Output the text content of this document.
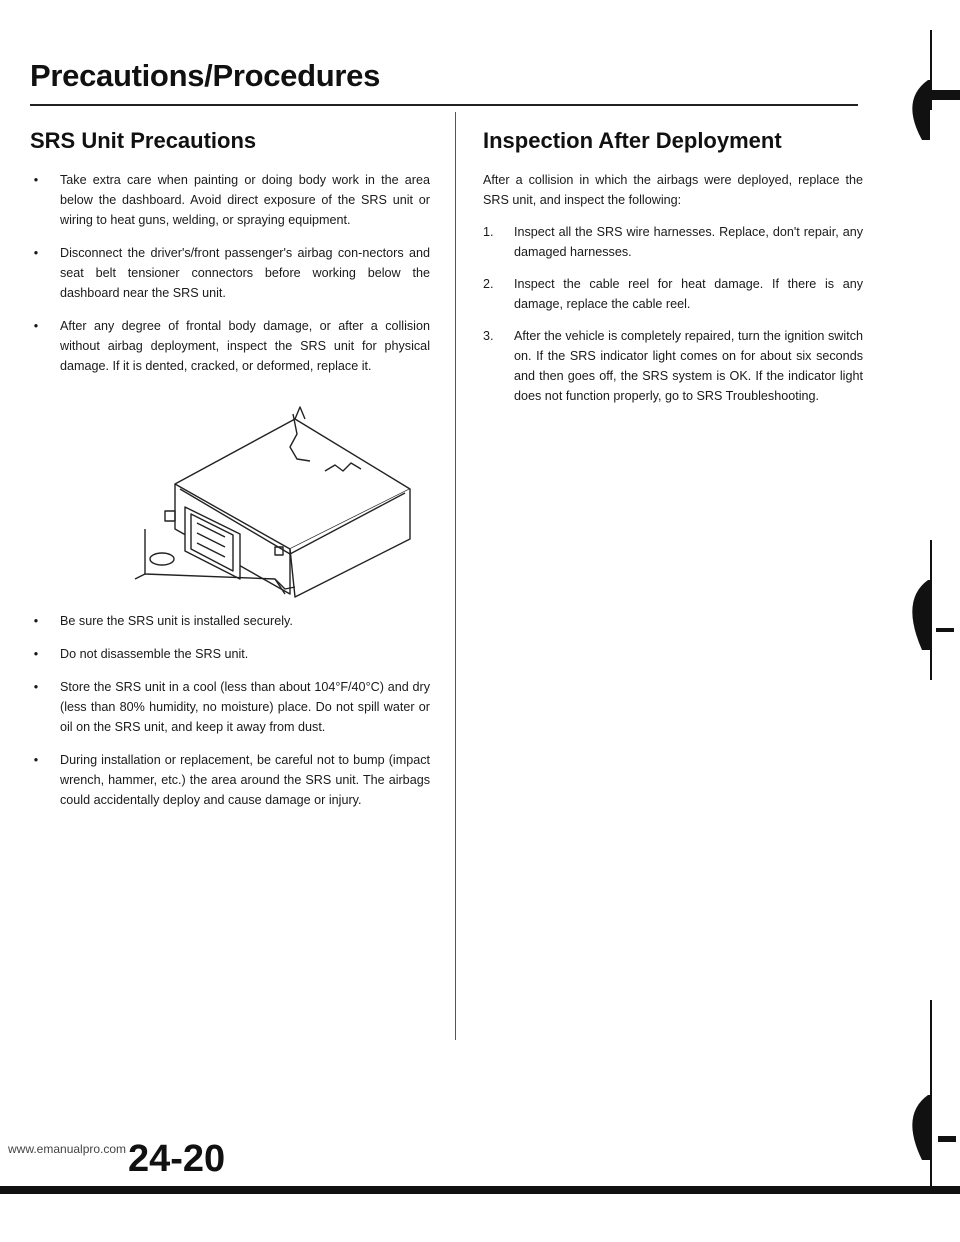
Precautions/Procedures
SRS Unit Precautions
•	Take extra care when painting or doing body work in the area below the dashboard. Avoid direct exposure of the SRS unit or wiring to heat guns, welding, or spraying equipment.
•	Disconnect the driver's/front passenger's airbag con-nectors and seat belt tensioner connectors before working below the dashboard near the SRS unit.
•	After any degree of frontal body damage, or after a collision without airbag deployment, inspect the SRS unit for physical damage. If it is dented, cracked, or deformed, replace it.
•	Be sure the SRS unit is installed securely.
•	Do not disassemble the SRS unit.
•	Store the SRS unit in a cool (less than about 104°F/40°C) and dry (less than 80% humidity, no moisture) place. Do not spill water or oil on the SRS unit, and keep it away from dust.
•	During installation or replacement, be careful not to bump (impact wrench, hammer, etc.) the area around the SRS unit. The airbags could accidentally deploy and cause damage or injury.
Inspection After Deployment

After a collision in which the airbags were deployed, replace the SRS unit, and inspect the following:

1. Inspect all the SRS wire harnesses. Replace, don't repair, any damaged harnesses.
2. Inspect the cable reel for heat damage. If there is any damage, replace the cable reel.
3. After the vehicle is completely repaired, turn the ignition switch on. If the SRS indicator light comes on for about six seconds and then goes off, the SRS system is OK. If the indicator light does not function properly, go to SRS Troubleshooting.
24-20
www.emanualpro.com
